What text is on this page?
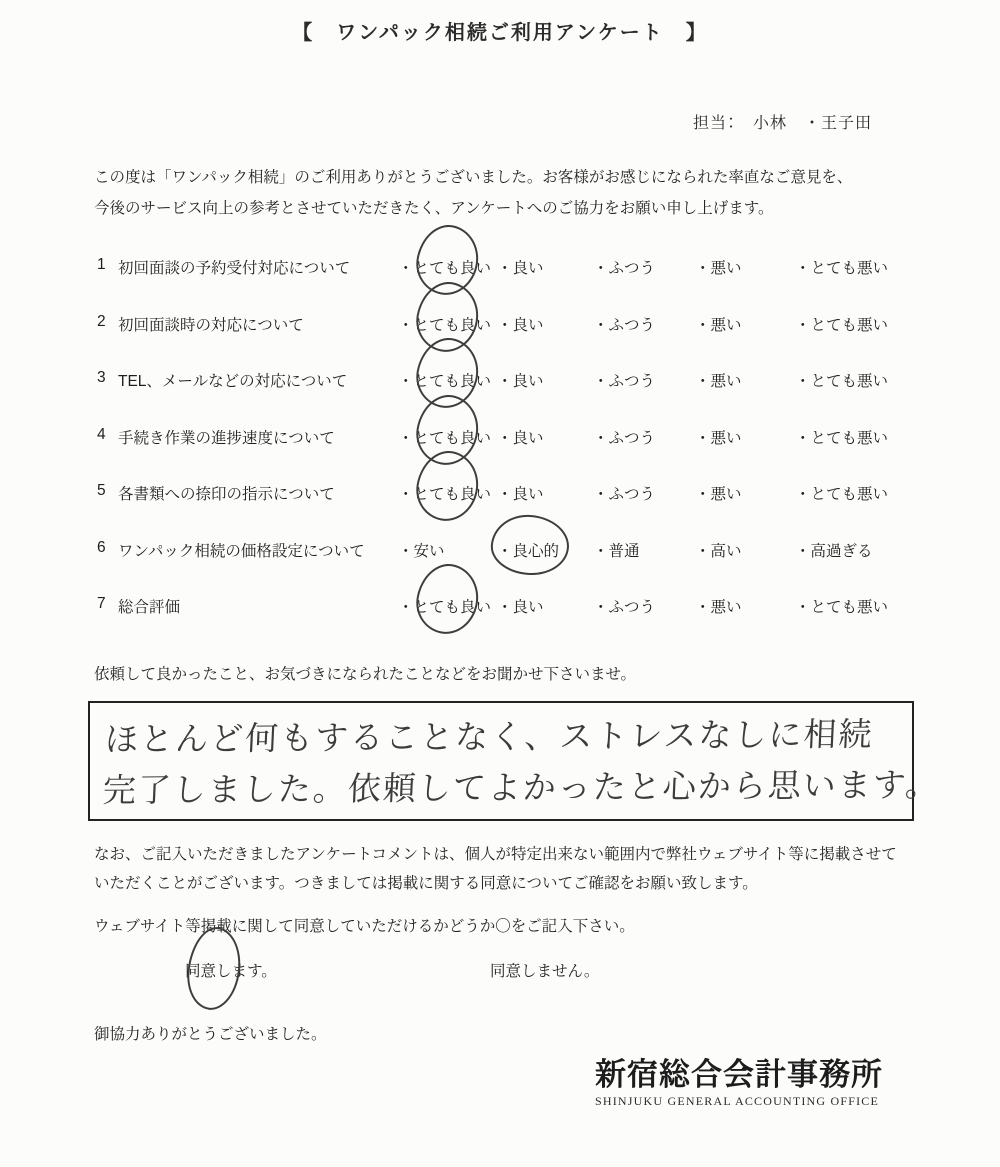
【　ワンパック相続ご利用アンケート　】
担当：　小林　・王子田

この度は「ワンパック相続」のご利用ありがとうございました。お客様がお感じになられた率直なご意見を、
今後のサービス向上の参考とさせていただきたく、アンケートへのご協力をお願い申し上げます。

1 初回面談の予約受付対応について	・とても良い ・良い	・ふつう	・悪い	・とても悪い
2 初回面談時の対応について	・とても良い ・良い	・ふつう	・悪い	・とても悪い
3 TEL、メールなどの対応について	・とても良い ・良い	・ふつう	・悪い	・とても悪い
4 手続き作業の進捗速度について	・とても良い ・良い	・ふつう	・悪い	・とても悪い
5 各書類への捺印の指示について	・とても良い ・良い	・ふつう	・悪い	・とても悪い
6 ワンパック相続の価格設定について ・安い	・良心的 ・普通	・高い	・高過ぎる
7 総合評価	・とても良い ・良い	・ふつう	・悪い	・とても悪い

依頼して良かったこと、お気づきになられたことなどをお聞かせ下さいませ。

ほとんど何もすることなく、ストレスなしに相続
完了しました。依頼してよかったと心から思います。

なお、ご記入いただきましたアンケートコメントは、個人が特定出来ない範囲内で弊社ウェブサイト等に掲載させて
いただくことがございます。つきましては掲載に関する同意についてご確認をお願い致します。

ウェブサイト等掲載に関して同意していただけるかどうか〇をご記入下さい。

同意します。	同意しません。

御協力ありがとうございました。

新宿総合会計事務所
SHINJUKU GENERAL ACCOUNTING OFFICE
